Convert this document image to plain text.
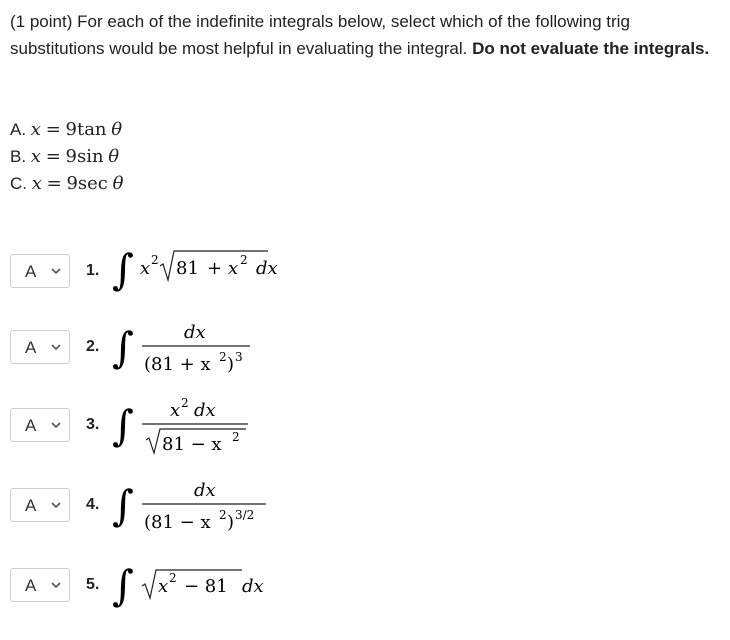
(1 point) For each of the indefinite integrals below, select which of the following trig substitutions would be most helpful in evaluating the integral. Do not evaluate the integrals.
A. x = 9tan θ
B. x = 9sin θ
C. x = 9sec θ
A	1. ∫ x 2 81 + x 2 dx
A	2. ∫	dx
(81 + x 2 ) 3
A	3. ∫ x 2 dx
81 − x 2
A	4. ∫	dx
(81 − x 2 ) 3/2
A	5. ∫ x 2 − 81 dx
